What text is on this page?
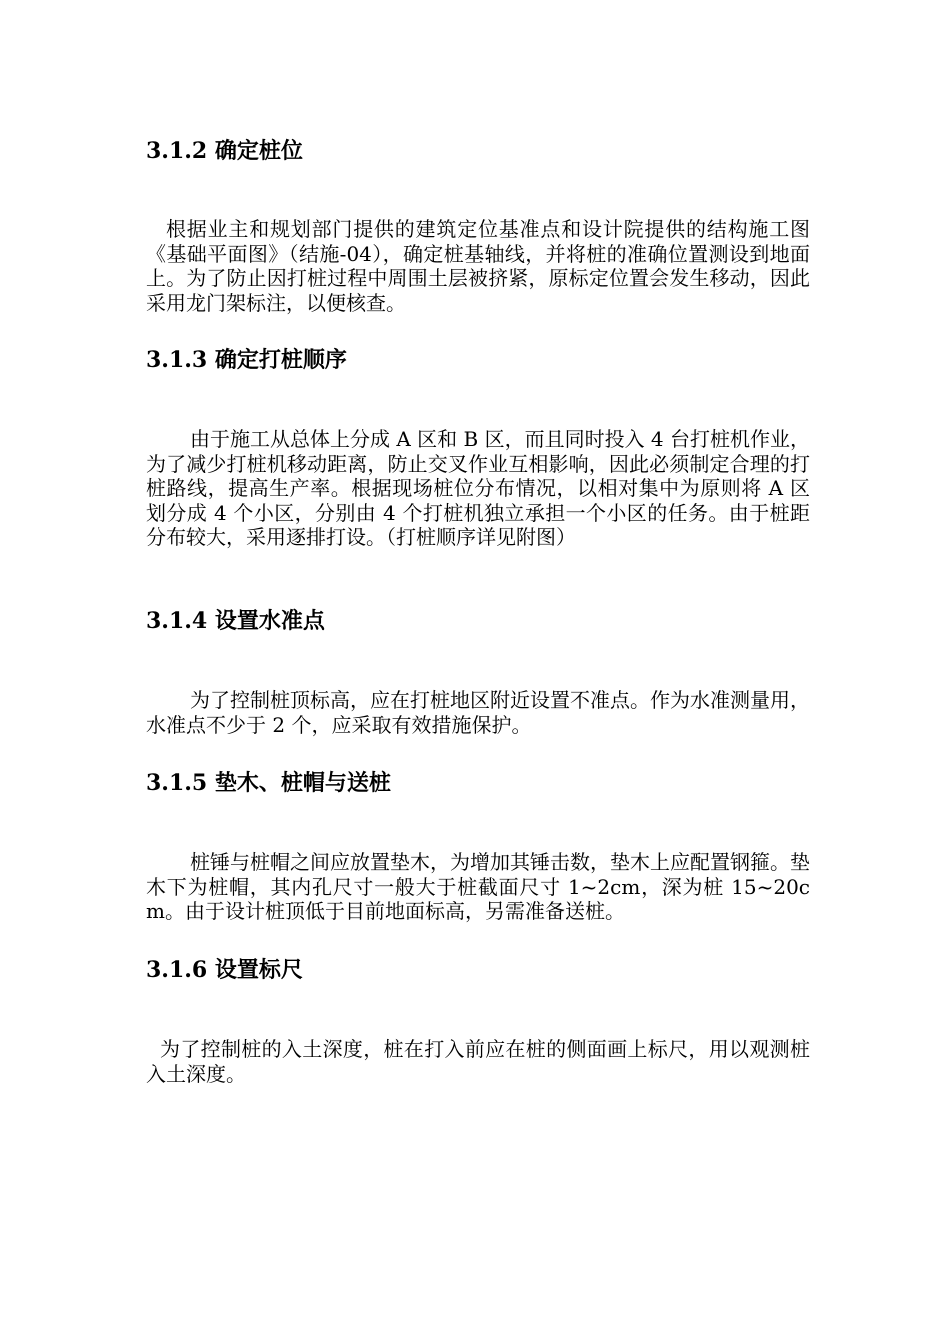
3.1.2 确定桩位

根据业主和规划部门提供的建筑定位基准点和设计院提供的结构施工图《基础平面图》（结施-04），确定桩基轴线，并将桩的准确位置测设到地面上。为了防止因打桩过程中周围土层被挤紧，原标定位置会发生移动，因此采用龙门架标注，以便核查。

3.1.3 确定打桩顺序

由于施工从总体上分成 A 区和 B 区，而且同时投入 4 台打桩机作业，为了减少打桩机移动距离，防止交叉作业互相影响，因此必须制定合理的打桩路线，提高生产率。根据现场桩位分布情况，以相对集中为原则将 A 区划分成 4 个小区，分别由 4 个打桩机独立承担一个小区的任务。由于桩距分布较大，采用逐排打设。（打桩顺序详见附图）

3.1.4 设置水准点

为了控制桩顶标高，应在打桩地区附近设置不准点。作为水准测量用，水准点不少于 2 个，应采取有效措施保护。

3.1.5 垫木、桩帽与送桩

桩锤与桩帽之间应放置垫木，为增加其锤击数，垫木上应配置钢箍。垫木下为桩帽，其内孔尺寸一般大于桩截面尺寸 1~2cm，深为桩 15~20cm。由于设计桩顶低于目前地面标高，另需准备送桩。

3.1.6 设置标尺

为了控制桩的入土深度，桩在打入前应在桩的侧面画上标尺，用以观测桩入土深度。
